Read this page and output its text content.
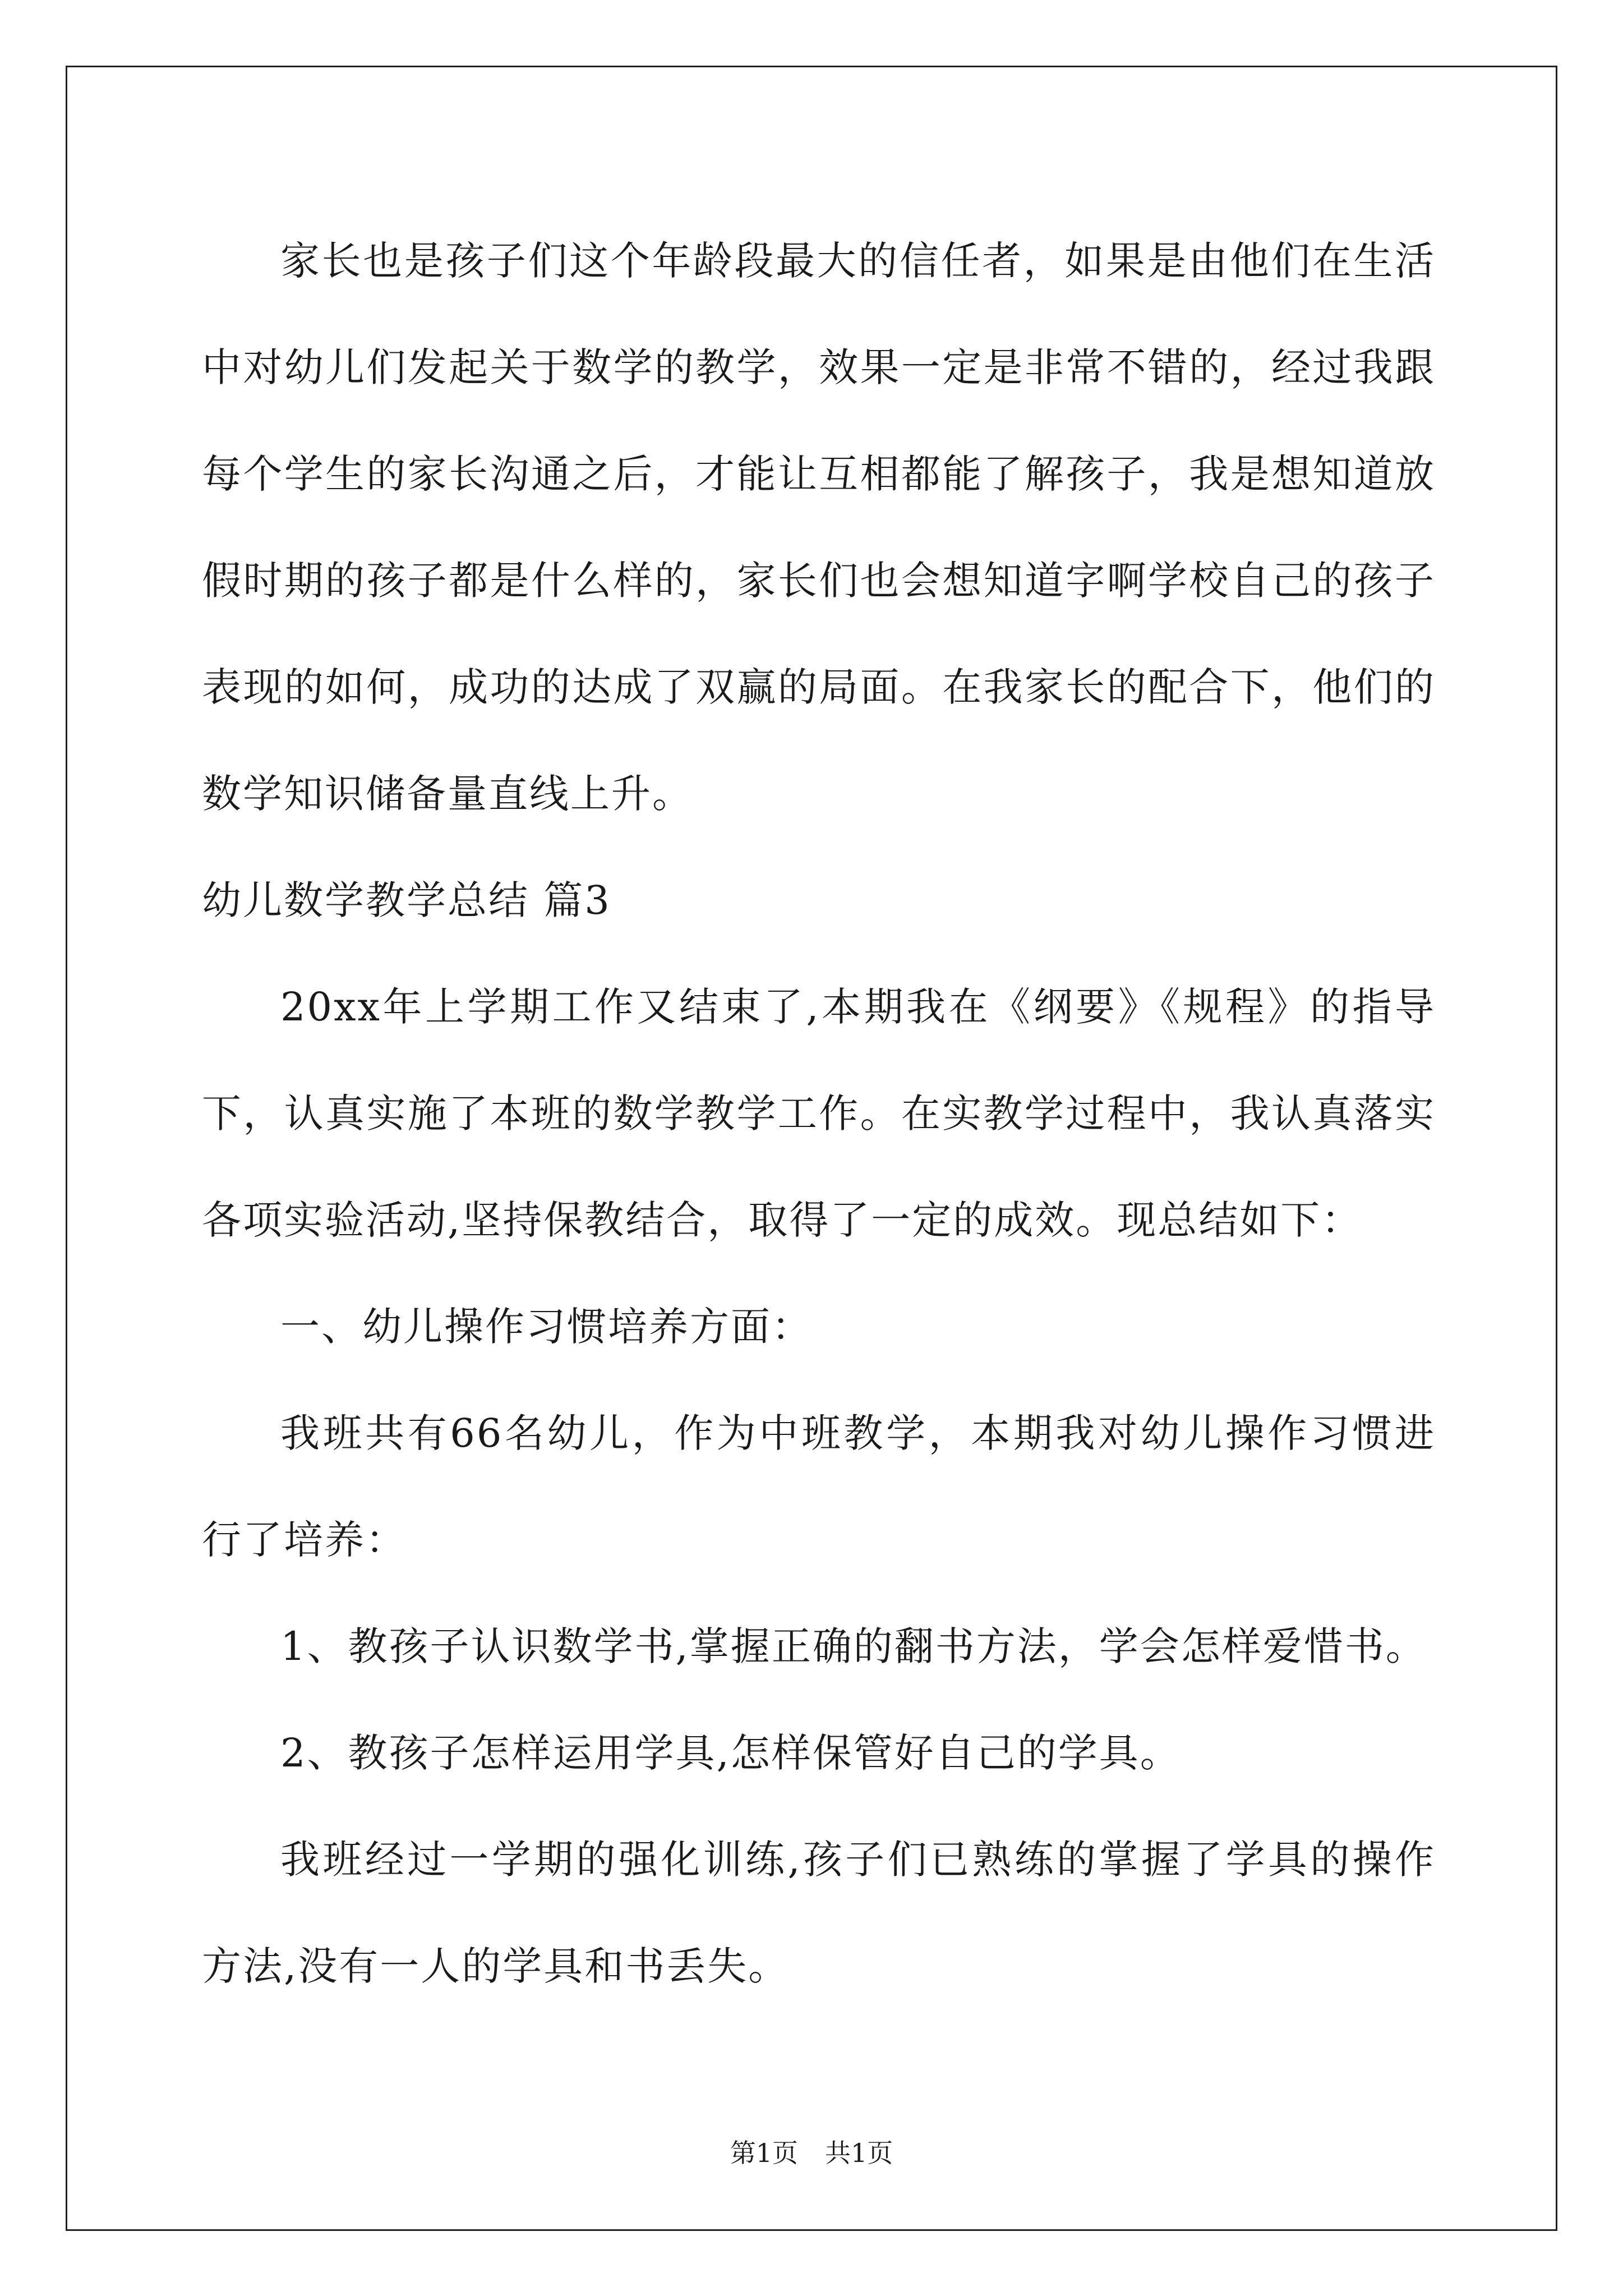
家长也是孩子们这个年龄段最大的信任者，如果是由他们在生活中对幼儿们发起关于数学的教学，效果一定是非常不错的，经过我跟每个学生的家长沟通之后，才能让互相都能了解孩子，我是想知道放假时期的孩子都是什么样的，家长们也会想知道字啊学校自己的孩子表现的如何，成功的达成了双赢的局面。在我家长的配合下，他们的数学知识储备量直线上升。

幼儿数学教学总结 篇3

20xx年上学期工作又结束了,本期我在《纲要》《规程》的指导下，认真实施了本班的数学教学工作。在实教学过程中，我认真落实各项实验活动,坚持保教结合，取得了一定的成效。现总结如下：

一、幼儿操作习惯培养方面：

我班共有66名幼儿，作为中班教学，本期我对幼儿操作习惯进行了培养：

1、教孩子认识数学书,掌握正确的翻书方法，学会怎样爱惜书。

2、教孩子怎样运用学具,怎样保管好自己的学具。

我班经过一学期的强化训练,孩子们已熟练的掌握了学具的操作方法,没有一人的学具和书丢失。

第1页 共1页
